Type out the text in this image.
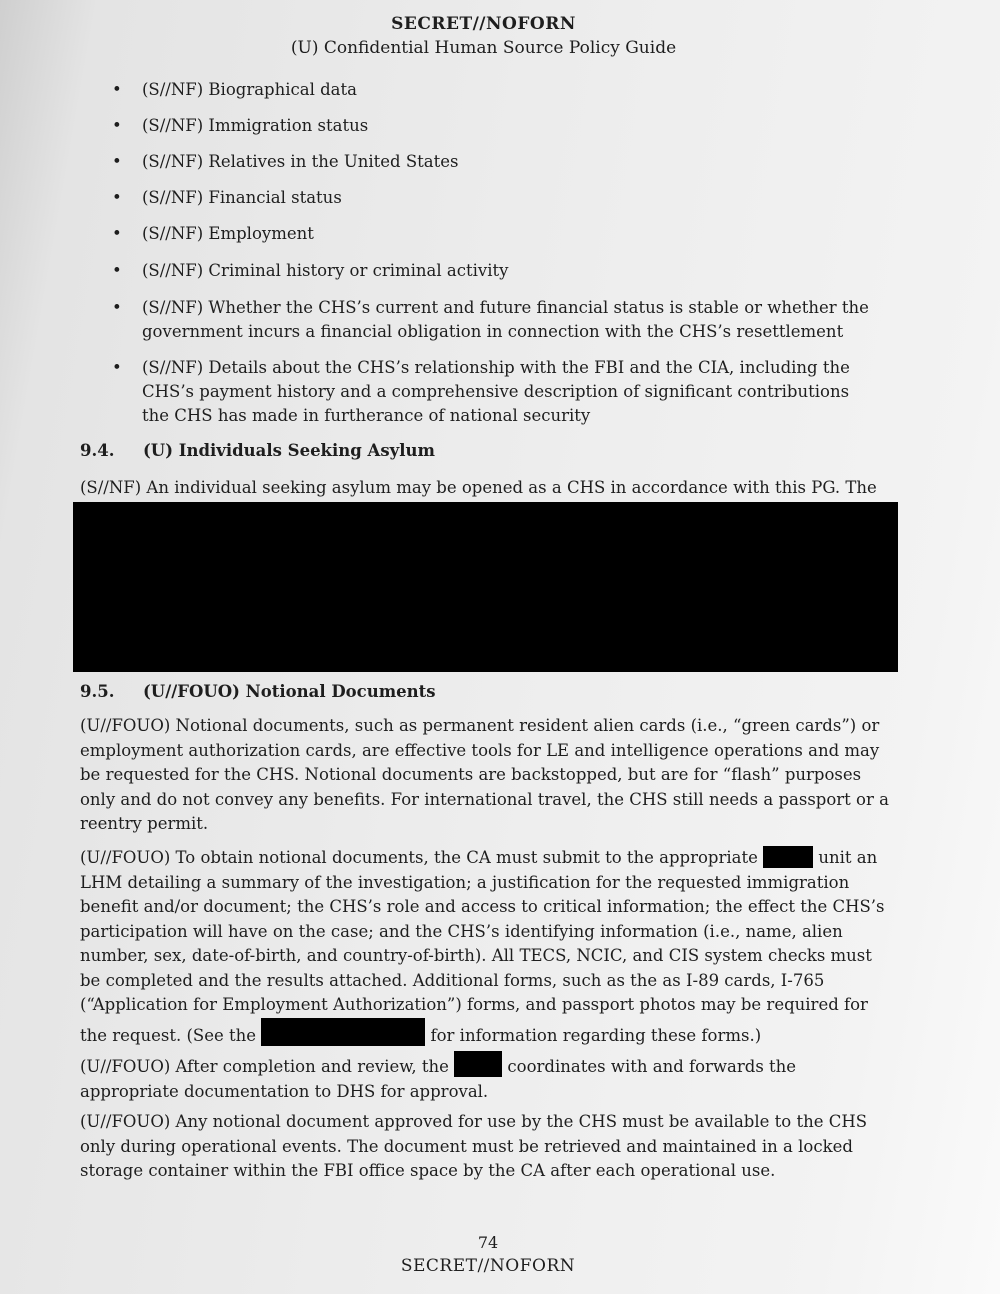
SECRET//NOFORN
(U) Confidential Human Source Policy Guide
• (S//NF) Biographical data
• (S//NF) Immigration status
• (S//NF) Relatives in the United States
• (S//NF) Financial status
• (S//NF) Employment
• (S//NF) Criminal history or criminal activity
• (S//NF) Whether the CHS’s current and future financial status is stable or whether the government incurs a financial obligation in connection with the CHS’s resettlement
• (S//NF) Details about the CHS’s relationship with the FBI and the CIA, including the CHS’s payment history and a comprehensive description of significant contributions the CHS has made in furtherance of national security
9.4. (U) Individuals Seeking Asylum
(S//NF) An individual seeking asylum may be opened as a CHS in accordance with this PG. The
9.5. (U//FOUO) Notional Documents
(U//FOUO) Notional documents, such as permanent resident alien cards (i.e., “green cards”) or employment authorization cards, are effective tools for LE and intelligence operations and may be requested for the CHS. Notional documents are backstopped, but are for “flash” purposes only and do not convey any benefits. For international travel, the CHS still needs a passport or a reentry permit.
(U//FOUO) To obtain notional documents, the CA must submit to the appropriate	unit an LHM detailing a summary of the investigation; a justification for the requested immigration benefit and/or document; the CHS’s role and access to critical information; the effect the CHS’s participation will have on the case; and the CHS’s identifying information (i.e., name, alien number, sex, date-of-birth, and country-of-birth). All TECS, NCIC, and CIS system checks must be completed and the results attached. Additional forms, such as the as I-89 cards, I-765 (“Application for Employment Authorization”) forms, and passport photos may be required for the request. (See the	for information regarding these forms.)
(U//FOUO) After completion and review, the	coordinates with and forwards the appropriate documentation to DHS for approval.
(U//FOUO) Any notional document approved for use by the CHS must be available to the CHS only during operational events. The document must be retrieved and maintained in a locked storage container within the FBI office space by the CA after each operational use.
74
SECRET//NOFORN
